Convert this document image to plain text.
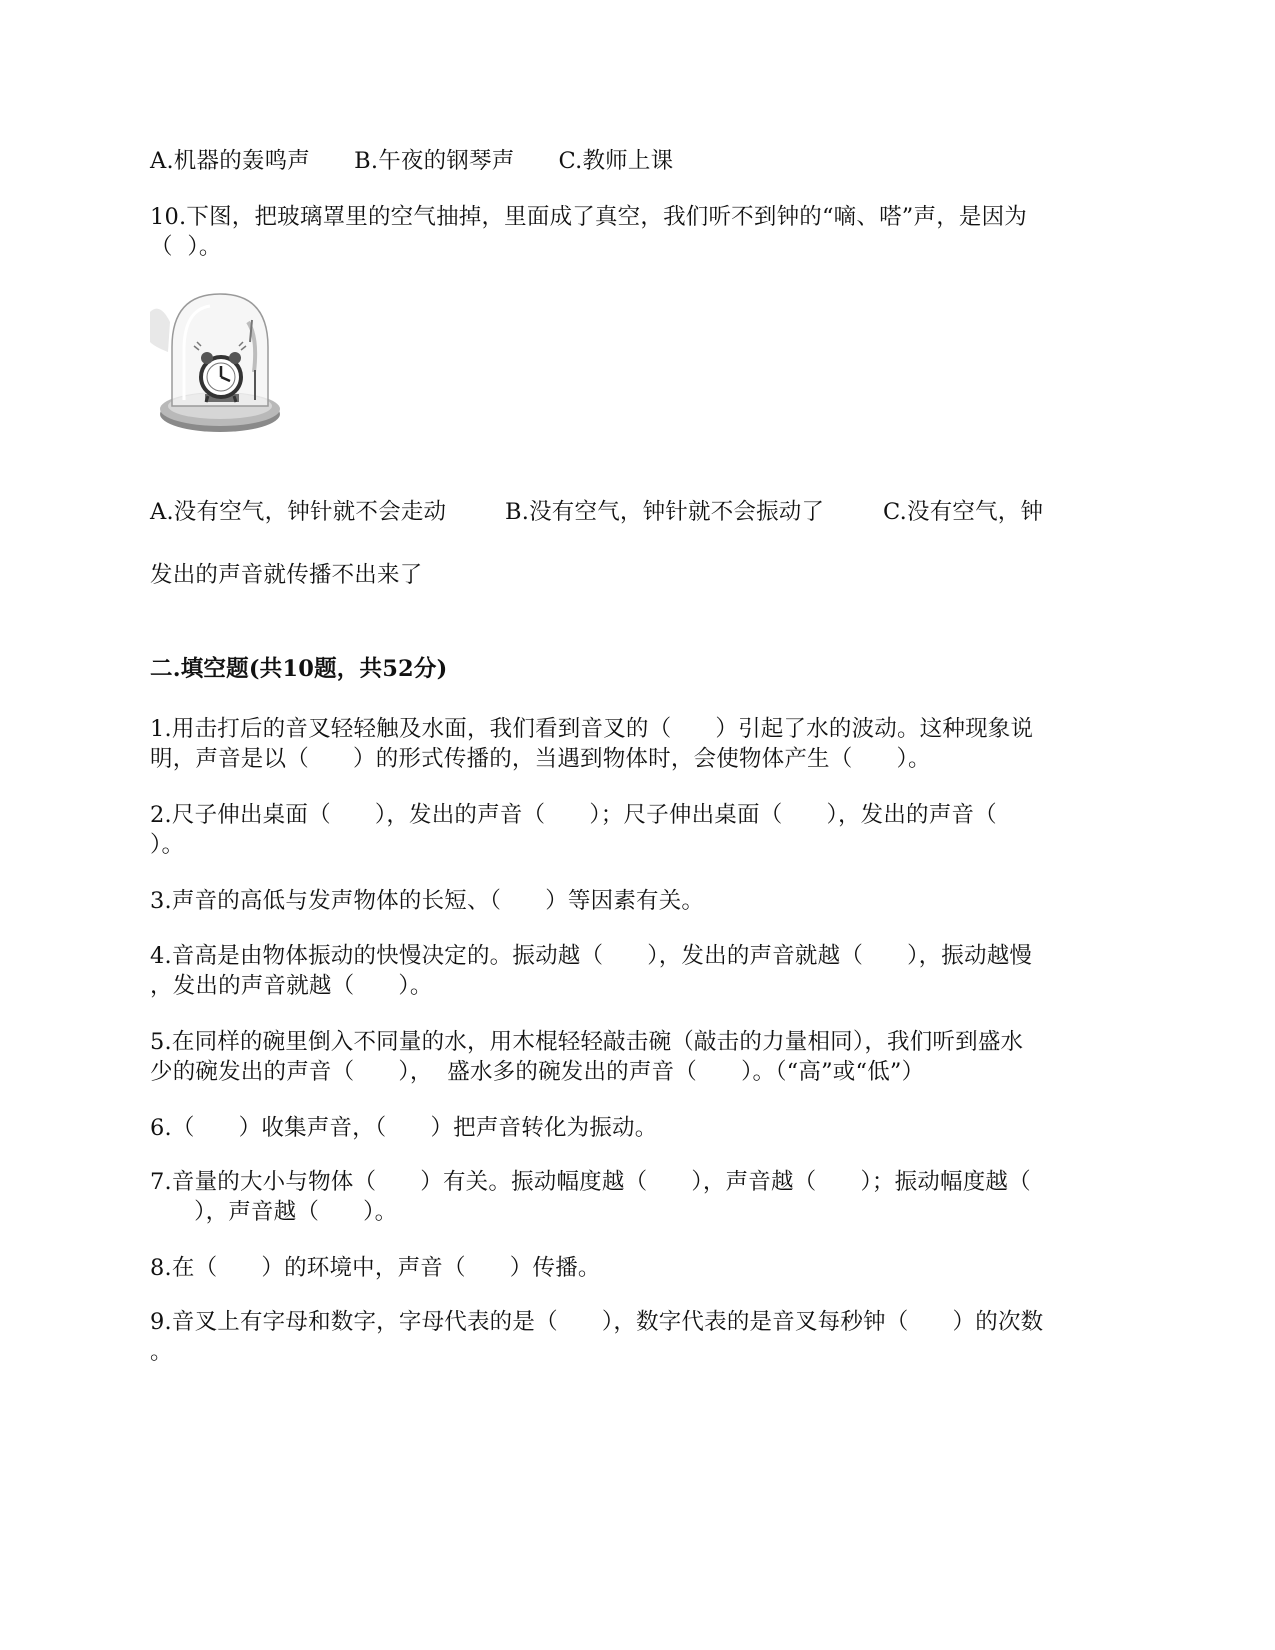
A.机器的轰鸣声      B.午夜的钢琴声      C.教师上课
10.下图，把玻璃罩里的空气抽掉，里面成了真空，我们听不到钟的“嘀、嗒”声，是因为
（  ）。
A.没有空气，钟针就不会走动        B.没有空气，钟针就不会振动了        C.没有空气，钟
发出的声音就传播不出来了
二.填空题(共10题，共52分)
1.用击打后的音叉轻轻触及水面，我们看到音叉的（      ）引起了水的波动。这种现象说
明，声音是以（      ）的形式传播的，当遇到物体时，会使物体产生（      ）。
2.尺子伸出桌面（      ），发出的声音（      ）；尺子伸出桌面（      ），发出的声音（
）。
3.声音的高低与发声物体的长短、（      ）等因素有关。
4.音高是由物体振动的快慢决定的。振动越（      ），发出的声音就越（      ），振动越慢
，发出的声音就越（      ）。
5.在同样的碗里倒入不同量的水，用木棍轻轻敲击碗（敲击的力量相同），我们听到盛水
少的碗发出的声音（      ），  盛水多的碗发出的声音（      ）。（“高”或“低”）
6.（      ）收集声音，（      ）把声音转化为振动。
7.音量的大小与物体（      ）有关。振动幅度越（      ），声音越（      ）；振动幅度越（
），声音越（      ）。
8.在（      ）的环境中，声音（      ）传播。
9.音叉上有字母和数字，字母代表的是（      ），数字代表的是音叉每秒钟（      ）的次数
。
